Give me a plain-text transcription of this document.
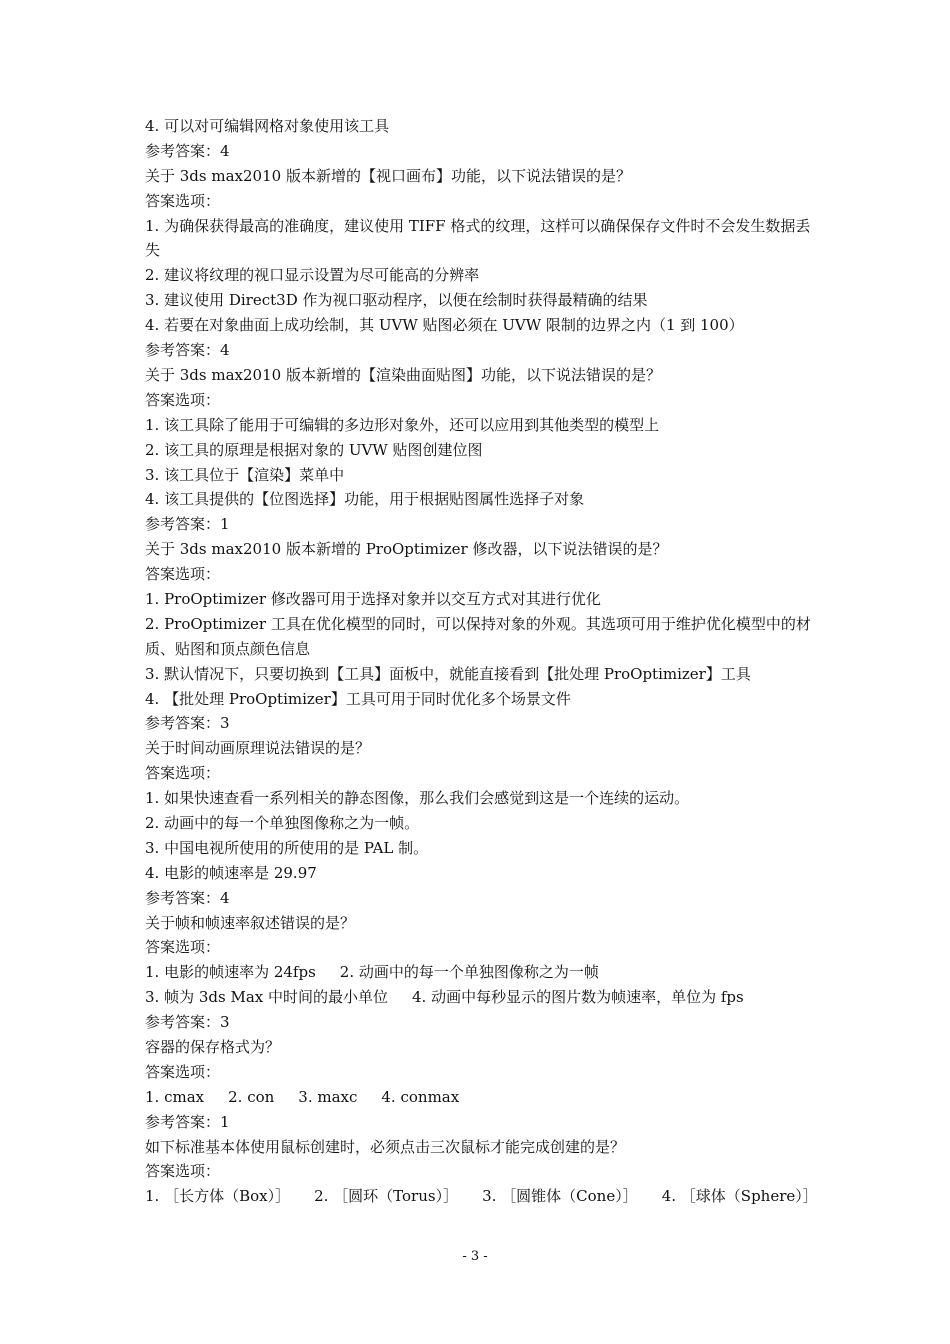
4. 可以对可编辑网格对象使用该工具
参考答案：4
关于 3ds max2010 版本新增的【视口画布】功能，以下说法错误的是？
答案选项：
1. 为确保获得最高的准确度，建议使用 TIFF 格式的纹理，这样可以确保保存文件时不会发生数据丢失
2. 建议将纹理的视口显示设置为尽可能高的分辨率
3. 建议使用 Direct3D 作为视口驱动程序，以便在绘制时获得最精确的结果
4. 若要在对象曲面上成功绘制，其 UVW 贴图必须在 UVW 限制的边界之内（1 到 100）
参考答案：4
关于 3ds max2010 版本新增的【渲染曲面贴图】功能，以下说法错误的是？
答案选项：
1. 该工具除了能用于可编辑的多边形对象外，还可以应用到其他类型的模型上
2. 该工具的原理是根据对象的 UVW 贴图创建位图
3. 该工具位于【渲染】菜单中
4. 该工具提供的【位图选择】功能，用于根据贴图属性选择子对象
参考答案：1
关于 3ds max2010 版本新增的 ProOptimizer 修改器，以下说法错误的是？
答案选项：
1. ProOptimizer 修改器可用于选择对象并以交互方式对其进行优化
2. ProOptimizer 工具在优化模型的同时，可以保持对象的外观。其选项可用于维护优化模型中的材质、贴图和顶点颜色信息
3. 默认情况下，只要切换到【工具】面板中，就能直接看到【批处理 ProOptimizer】工具
4. 【批处理 ProOptimizer】工具可用于同时优化多个场景文件
参考答案：3
关于时间动画原理说法错误的是？
答案选项：
1. 如果快速查看一系列相关的静态图像，那么我们会感觉到这是一个连续的运动。
2. 动画中的每一个单独图像称之为一帧。
3. 中国电视所使用的所使用的是 PAL 制。
4. 电影的帧速率是 29.97
参考答案：4
关于帧和帧速率叙述错误的是？
答案选项：
1. 电影的帧速率为 24fps 2. 动画中的每一个单独图像称之为一帧
3. 帧为 3ds Max 中时间的最小单位 4. 动画中每秒显示的图片数为帧速率，单位为 fps
参考答案：3
容器的保存格式为？
答案选项：
1. cmax 2. con 3. maxc 4. conmax
参考答案：1
如下标准基本体使用鼠标创建时，必须点击三次鼠标才能完成创建的是？
答案选项：
1. ［长方体（Box）］ 2. ［圆环（Torus）］ 3. ［圆锥体（Cone）］ 4. ［球体（Sphere）］
- 3 -
